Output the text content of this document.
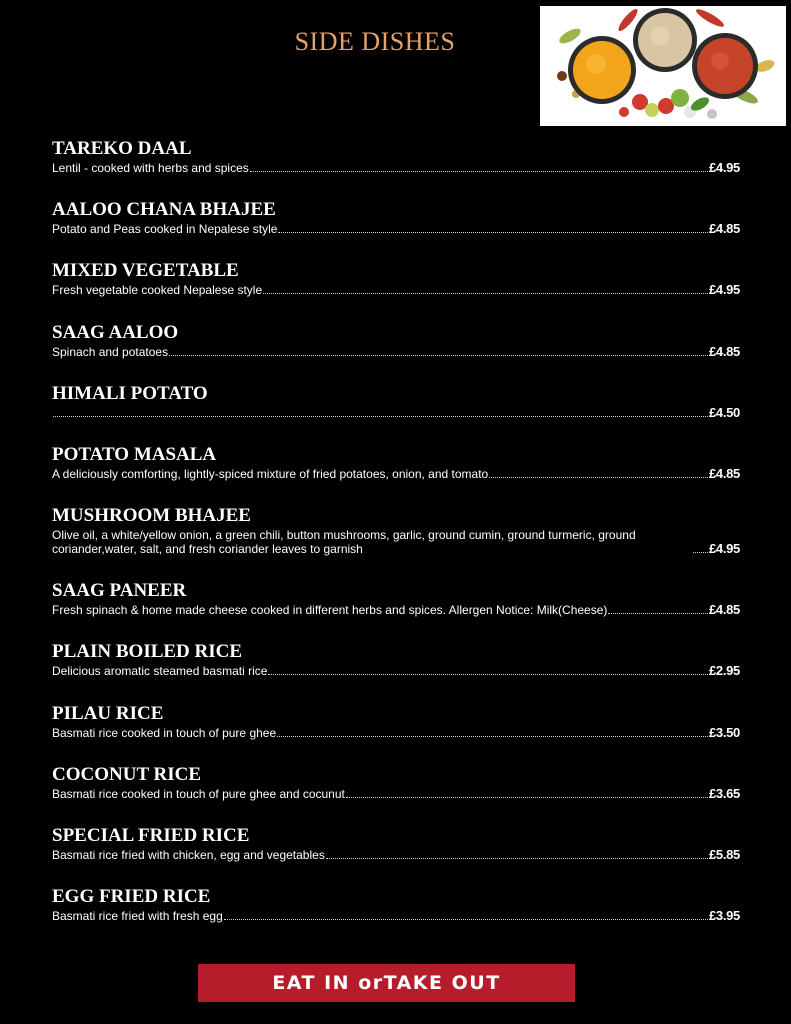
SIDE DISHES
TAREKO DAAL
Lentil - cooked with herbs and spices	£4.95
AALOO CHANA BHAJEE
Potato and Peas cooked in Nepalese style	£4.85
MIXED VEGETABLE
Fresh vegetable cooked Nepalese style	£4.95
SAAG AALOO
Spinach and potatoes	£4.85
HIMALI POTATO
£4.50
POTATO MASALA
A deliciously comforting, lightly-spiced mixture of fried potatoes, onion, and tomato	£4.85
MUSHROOM BHAJEE
Olive oil, a white/yellow onion, a green chili, button mushrooms, garlic, ground cumin, ground turmeric, ground coriander,water, salt, and fresh coriander leaves to garnish	£4.95
SAAG PANEER
Fresh spinach & home made cheese cooked in different herbs and spices. Allergen Notice: Milk(Cheese)	£4.85
PLAIN BOILED RICE
Delicious aromatic steamed basmati rice	£2.95
PILAU RICE
Basmati rice cooked in touch of pure ghee	£3.50
COCONUT RICE
Basmati rice cooked in touch of pure ghee and cocunut	£3.65
SPECIAL FRIED RICE
Basmati rice fried with chicken, egg and vegetables	£5.85
EGG FRIED RICE
Basmati rice fried with fresh egg	£3.95
EAT IN orTAKE OUT
